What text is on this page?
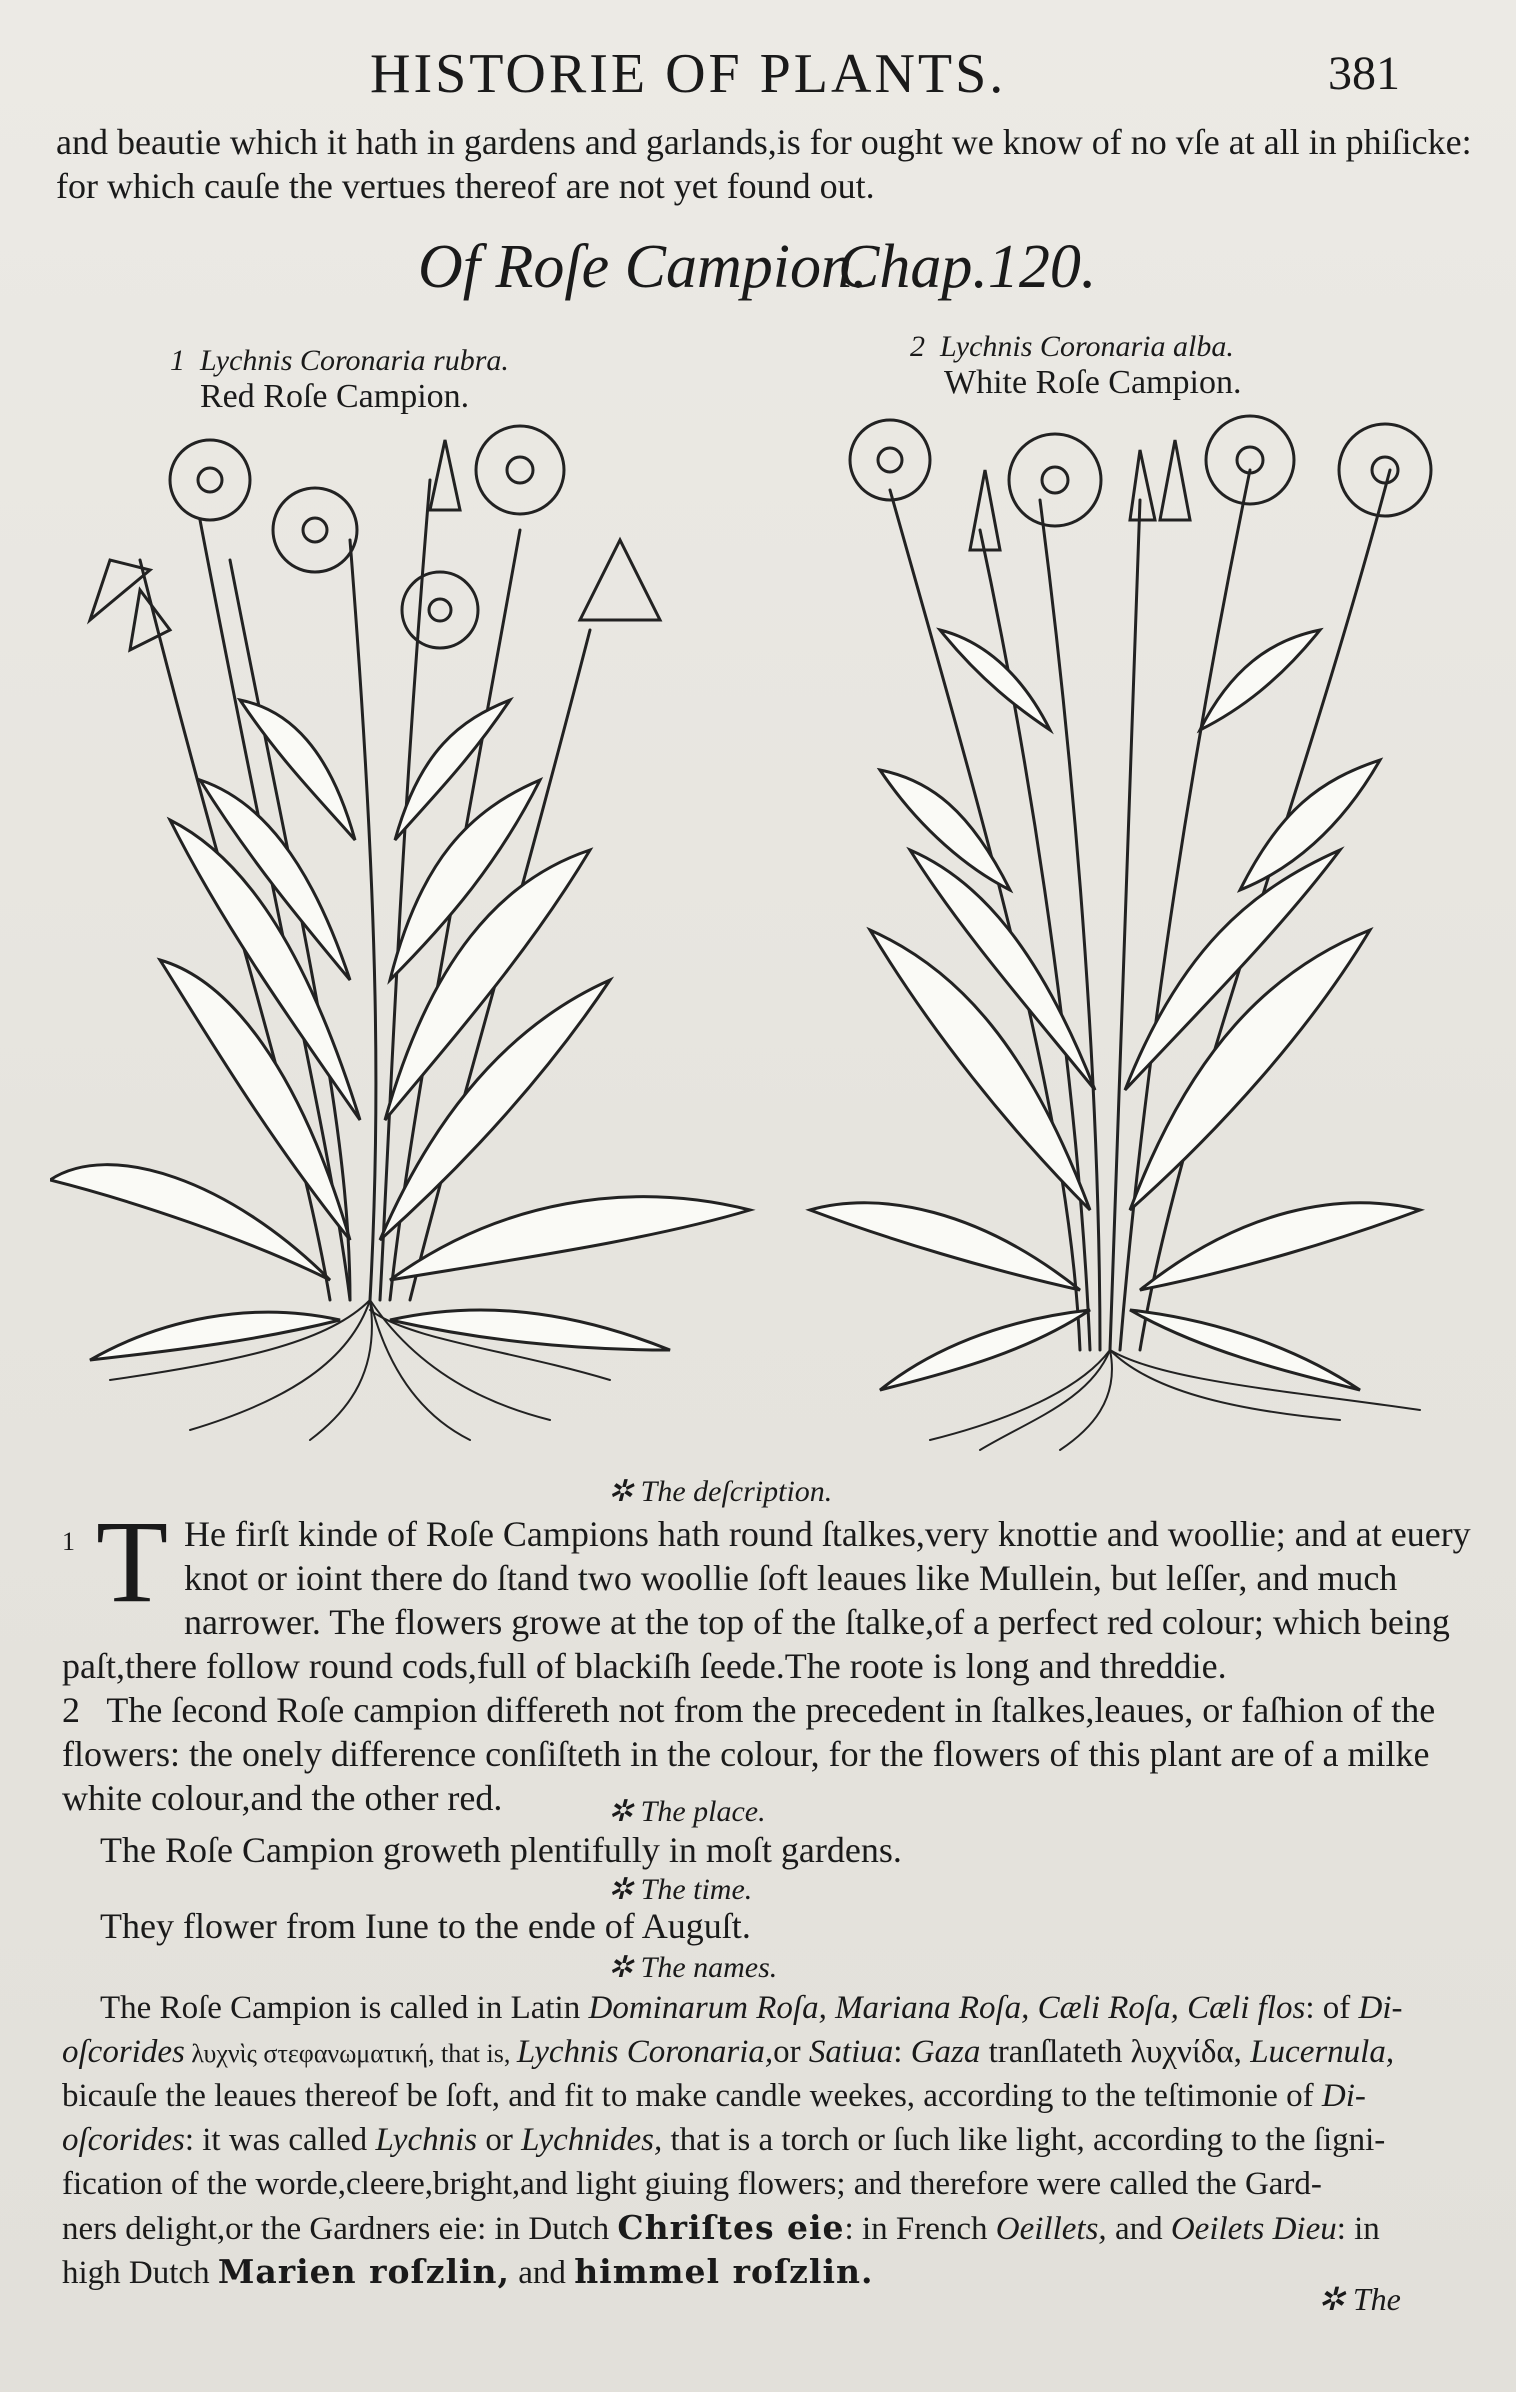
HISTORIE OF PLANTS.	381
and beautie which it hath in gardens and garlands,is for ought we know of no vſe at all in phiſicke:
for which cauſe the vertues thereof are not yet found out.
Of Roſe Campion.
Chap.120.
1 Lychnis Coronaria rubra.
Red Roſe Campion.
2 Lychnis Coronaria alba.
White Roſe Campion.
✲ The deſcription.
1 T He firſt kinde of Roſe Campions hath round ſtalkes,very knottie and woollie; and at euery
knot or ioint there do ſtand two woollie ſoft leaues like Mullein, but leſſer, and much
narrower. The flowers growe at the top of the ſtalke,of a perfect red colour; which being
paſt,there follow round cods,full of blackiſh ſeede.The roote is long and threddie.
2 The ſecond Roſe campion differeth not from the precedent in ſtalkes,leaues, or faſhion of the
flowers: the onely difference conſiſteth in the colour, for the flowers of this plant are of a milke
white colour,and the other red.	✲ The place.
The Roſe Campion groweth plentifully in moſt gardens.
✲ The time.
They flower from Iune to the ende of Auguſt.
✲ The names.
The Roſe Campion is called in Latin Dominarum Roſa, Mariana Roſa, Cæli Roſa, Cæli flos: of Di-
oſcorides λυχνὶς στεφανωματική, that is, Lychnis Coronaria,or Satiua: Gaza tranſlateth λυχνίδα, Lucernula,
bicauſe the leaues thereof be ſoft, and fit to make candle weekes, according to the teſtimonie of Di-
oſcorides: it was called Lychnis or Lychnides, that is a torch or ſuch like light, according to the ſigni-
fication of the worde,cleere,bright,and light giuing flowers; and therefore were called the Gard-
ners delight,or the Gardners eie: in Dutch Chriſtes eie: in French Oeillets, and Oeilets Dieu: in
high Dutch Marien roſzlin, and himmel roſzlin.
✲ The
